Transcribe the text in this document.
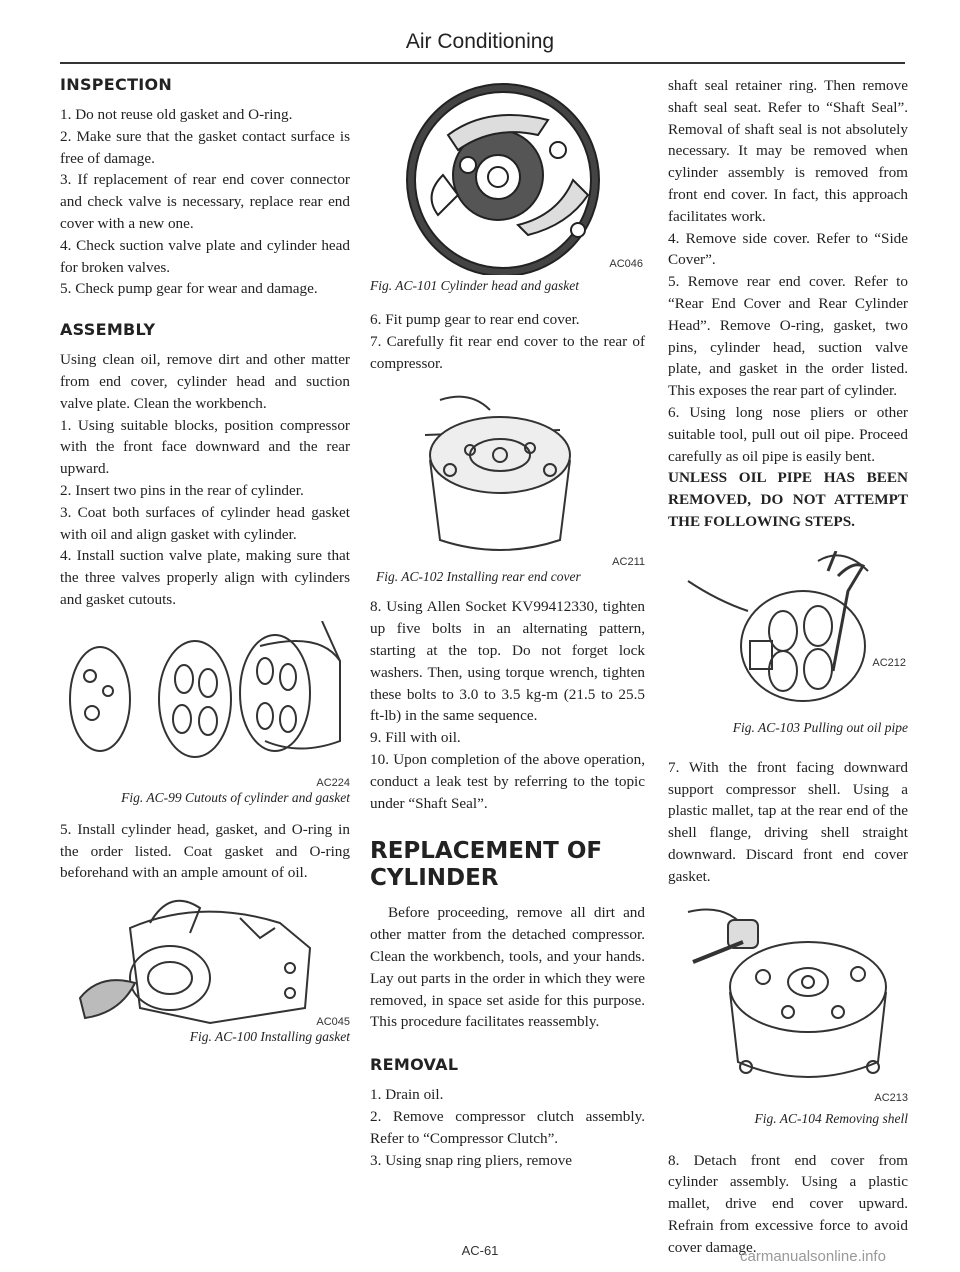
Air Conditioning
INSPECTION

1. Do not reuse old gasket and O-ring.

2. Make sure that the gasket contact surface is free of damage.

3. If replacement of rear end cover connector and check valve is necessary, replace rear end cover with a new one.

4. Check suction valve plate and cylinder head for broken valves.

5. Check pump gear for wear and damage.

ASSEMBLY

Using clean oil, remove dirt and other matter from end cover, cylinder head and suction valve plate. Clean the workbench.

1. Using suitable blocks, position compressor with the front face downward and the rear upward.

2. Insert two pins in the rear of cylinder.

3. Coat both surfaces of cylinder head gasket with oil and align gasket with cylinder.

4. Install suction valve plate, making sure that the three valves properly align with cylinders and gasket cutouts.

AC224
Fig. AC-99 Cutouts of cylinder and gasket

5. Install cylinder head, gasket, and O-ring in the order listed. Coat gasket and O-ring beforehand with an ample amount of oil.

AC045
Fig. AC-100 Installing gasket
AC046
Fig. AC-101 Cylinder head and gasket

6. Fit pump gear to rear end cover.

7. Carefully fit rear end cover to the rear of compressor.

AC211
Fig. AC-102 Installing rear end cover

8. Using Allen Socket KV99412330, tighten up five bolts in an alternating pattern, starting at the top. Do not forget lock washers. Then, using torque wrench, tighten these bolts to 3.0 to 3.5 kg-m (21.5 to 25.5 ft-lb) in the same sequence.

9. Fill with oil.

10. Upon completion of the above operation, conduct a leak test by referring to the topic under “Shaft Seal”.

REPLACEMENT OF CYLINDER

Before proceeding, remove all dirt and other matter from the detached compressor. Clean the workbench, tools, and your hands. Lay out parts in the order in which they were removed, in space set aside for this purpose. This procedure facilitates reassembly.

REMOVAL

1. Drain oil.

2. Remove compressor clutch assembly. Refer to “Compressor Clutch”.

3. Using snap ring pliers, remove

shaft seal retainer ring. Then remove shaft seal seat. Refer to “Shaft Seal”. Removal of shaft seal is not absolutely necessary. It may be removed when cylinder assembly is removed from front end cover. In fact, this approach facilitates work.

4. Remove side cover. Refer to “Side Cover”.

5. Remove rear end cover. Refer to “Rear End Cover and Rear Cylinder Head”. Remove O-ring, gasket, two pins, cylinder head, suction valve plate, and gasket in the order listed. This exposes the rear part of cylinder.

6. Using long nose pliers or other suitable tool, pull out oil pipe. Proceed carefully as oil pipe is easily bent.

UNLESS OIL PIPE HAS BEEN REMOVED, DO NOT ATTEMPT THE FOLLOWING STEPS.

AC212
Fig. AC-103 Pulling out oil pipe

7. With the front facing downward support compressor shell. Using a plastic mallet, tap at the rear end of the shell flange, driving shell straight downward. Discard front end cover gasket.

AC213
Fig. AC-104 Removing shell

8. Detach front end cover from cylinder assembly. Using a plastic mallet, drive end cover upward. Refrain from excessive force to avoid cover damage.

AC-61	carmanualsonline.info
